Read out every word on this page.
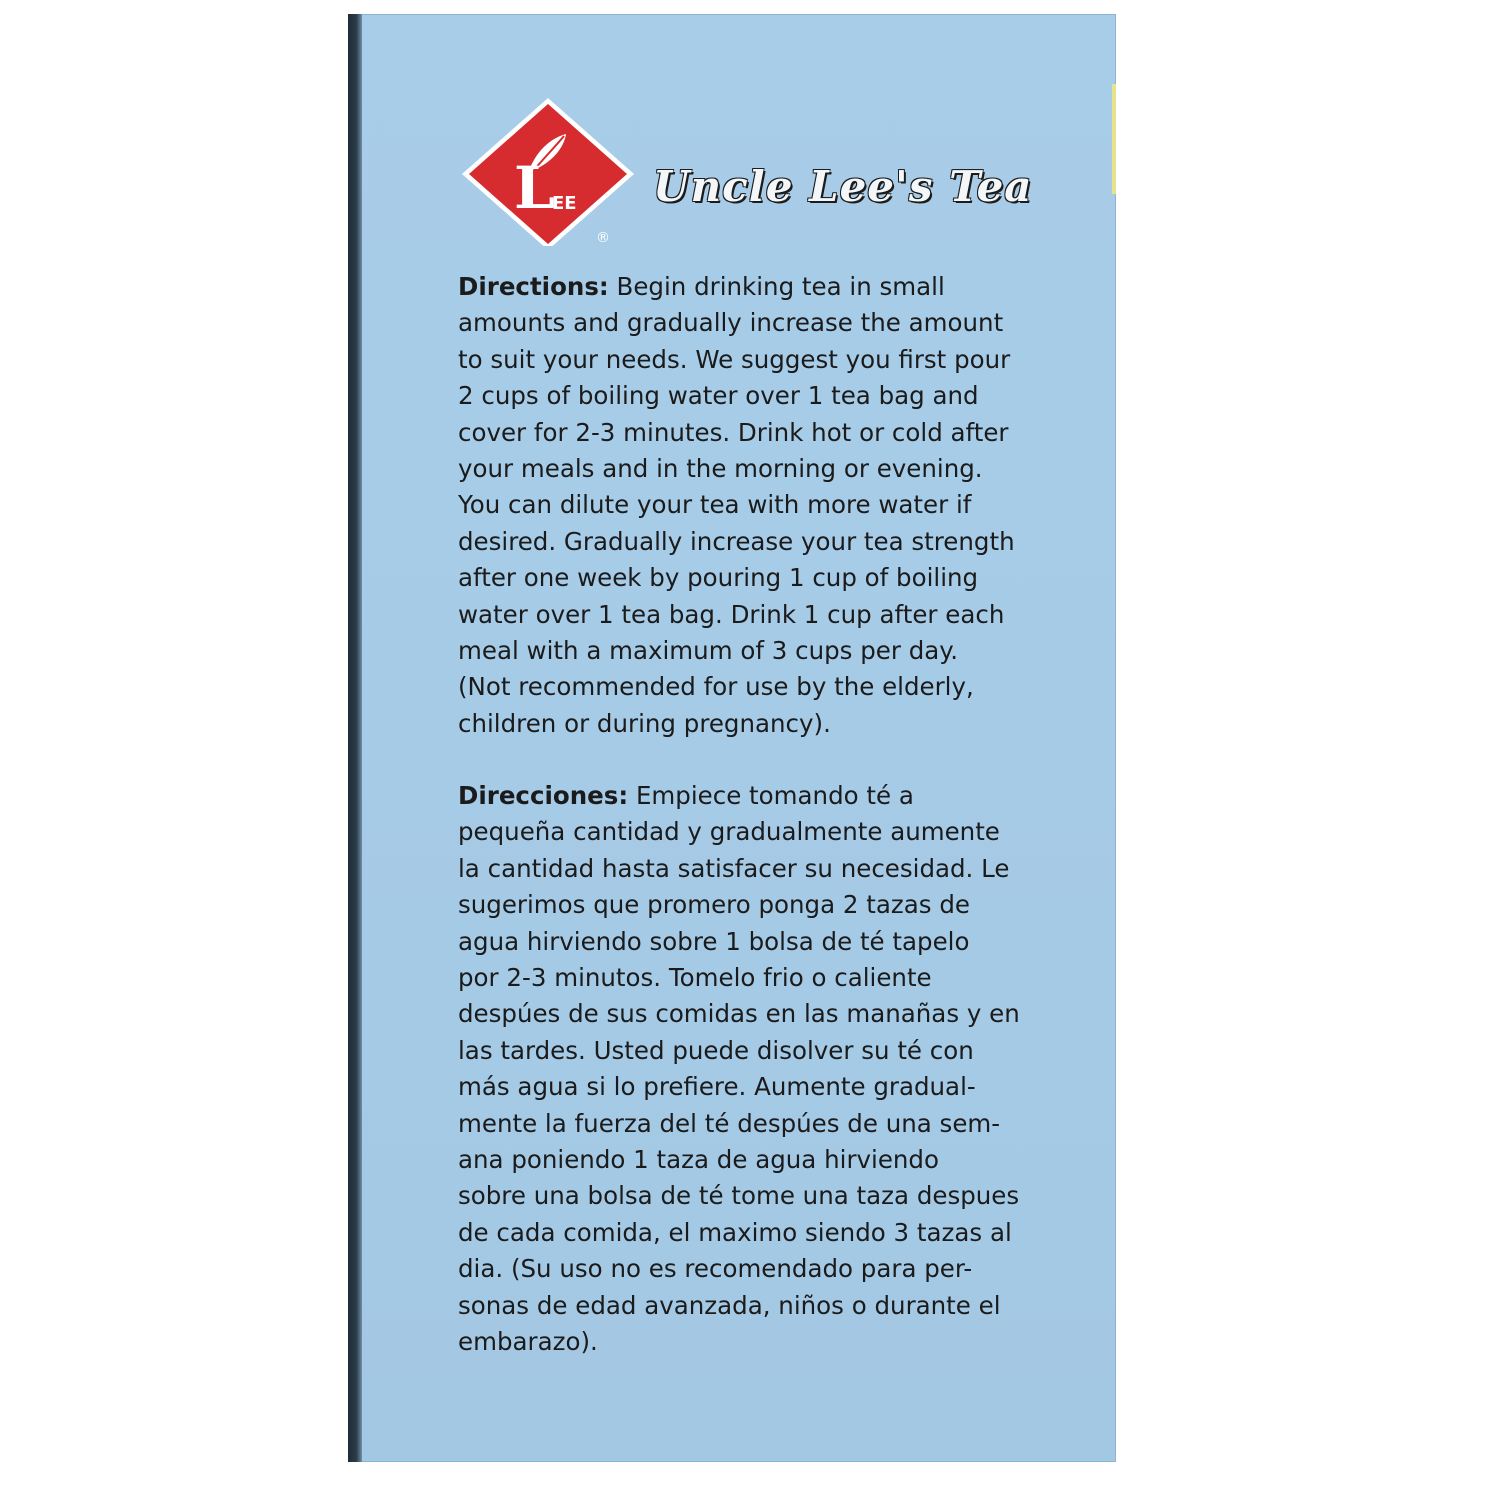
L
EE
®
Uncle Lee's Tea
Directions: Begin drinking tea in small
amounts and gradually increase the amount
to suit your needs. We suggest you first pour
2 cups of boiling water over 1 tea bag and
cover for 2-3 minutes. Drink hot or cold after
your meals and in the morning or evening.
You can dilute your tea with more water if
desired. Gradually increase your tea strength
after one week by pouring 1 cup of boiling
water over 1 tea bag. Drink 1 cup after each
meal with a maximum of 3 cups per day.
(Not recommended for use by the elderly,
children or during pregnancy).
Direcciones: Empiece tomando té a
pequeña cantidad y gradualmente aumente
la cantidad hasta satisfacer su necesidad. Le
sugerimos que promero ponga 2 tazas de
agua hirviendo sobre 1 bolsa de té tapelo
por 2-3 minutos. Tomelo frio o caliente
despúes de sus comidas en las manañas y en
las tardes. Usted puede disolver su té con
más agua si lo prefiere. Aumente gradual-
mente la fuerza del té despúes de una sem-
ana poniendo 1 taza de agua hirviendo
sobre una bolsa de té tome una taza despues
de cada comida, el maximo siendo 3 tazas al
dia. (Su uso no es recomendado para per-
sonas de edad avanzada, niños o durante el
embarazo).
